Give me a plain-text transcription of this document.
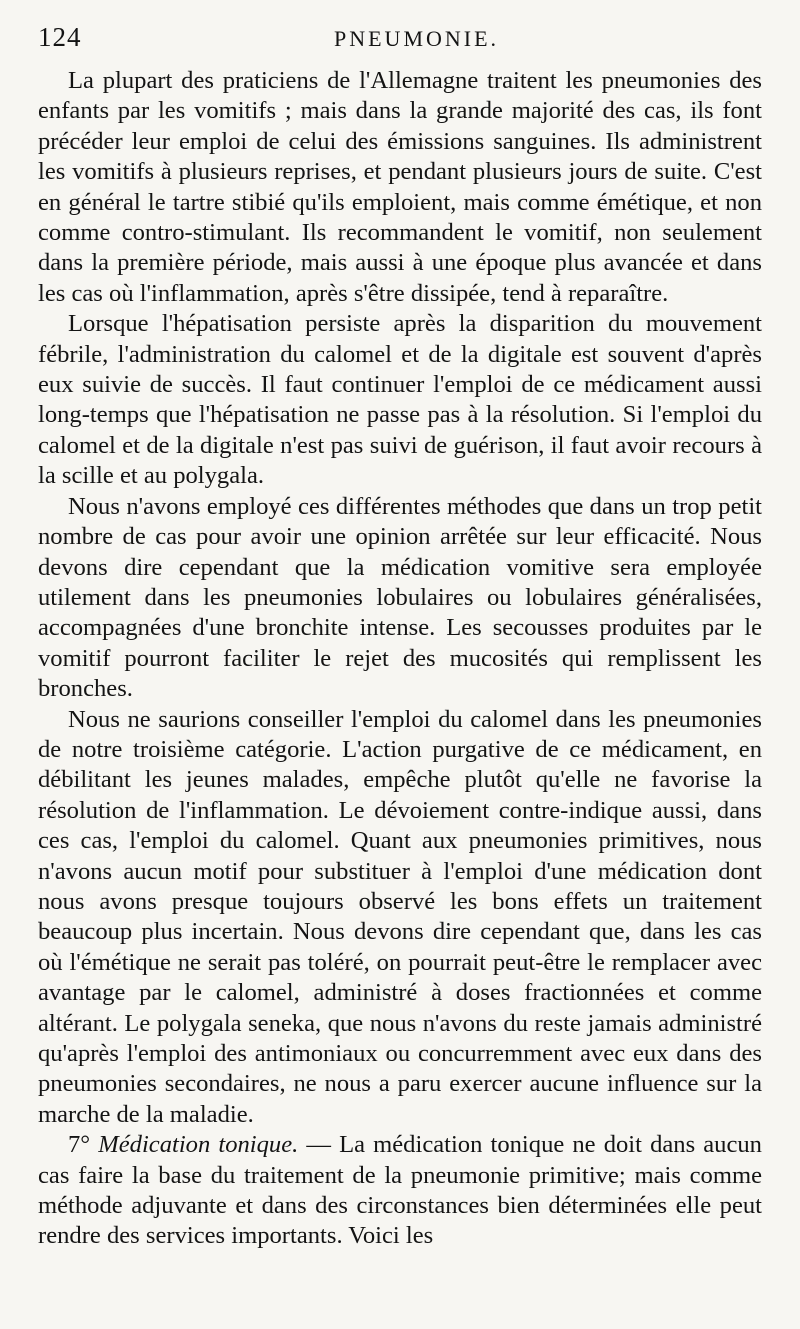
124	PNEUMONIE.

La plupart des praticiens de l'Allemagne traitent les pneumonies des enfants par les vomitifs ; mais dans la grande majorité des cas, ils font précéder leur emploi de celui des émissions sanguines. Ils administrent les vomitifs à plusieurs reprises, et pendant plusieurs jours de suite. C'est en général le tartre stibié qu'ils emploient, mais comme émétique, et non comme contro-stimulant. Ils recommandent le vomitif, non seulement dans la première période, mais aussi à une époque plus avancée et dans les cas où l'inflammation, après s'être dissipée, tend à reparaître.

Lorsque l'hépatisation persiste après la disparition du mouvement fébrile, l'administration du calomel et de la digitale est souvent d'après eux suivie de succès. Il faut continuer l'emploi de ce médicament aussi long-temps que l'hépatisation ne passe pas à la résolution. Si l'emploi du calomel et de la digitale n'est pas suivi de guérison, il faut avoir recours à la scille et au polygala.

Nous n'avons employé ces différentes méthodes que dans un trop petit nombre de cas pour avoir une opinion arrêtée sur leur efficacité. Nous devons dire cependant que la médication vomitive sera employée utilement dans les pneumonies lobulaires ou lobulaires généralisées, accompagnées d'une bronchite intense. Les secousses produites par le vomitif pourront faciliter le rejet des mucosités qui remplissent les bronches.

Nous ne saurions conseiller l'emploi du calomel dans les pneumonies de notre troisième catégorie. L'action purgative de ce médicament, en débilitant les jeunes malades, empêche plutôt qu'elle ne favorise la résolution de l'inflammation. Le dévoiement contre-indique aussi, dans ces cas, l'emploi du calomel. Quant aux pneumonies primitives, nous n'avons aucun motif pour substituer à l'emploi d'une médication dont nous avons presque toujours observé les bons effets un traitement beaucoup plus incertain. Nous devons dire cependant que, dans les cas où l'émétique ne serait pas toléré, on pourrait peut-être le remplacer avec avantage par le calomel, administré à doses fractionnées et comme altérant. Le polygala seneka, que nous n'avons du reste jamais administré qu'après l'emploi des antimoniaux ou concurremment avec eux dans des pneumonies secondaires, ne nous a paru exercer aucune influence sur la marche de la maladie.

7° Médication tonique. — La médication tonique ne doit dans aucun cas faire la base du traitement de la pneumonie primitive; mais comme méthode adjuvante et dans des circonstances bien déterminées elle peut rendre des services importants. Voici les
